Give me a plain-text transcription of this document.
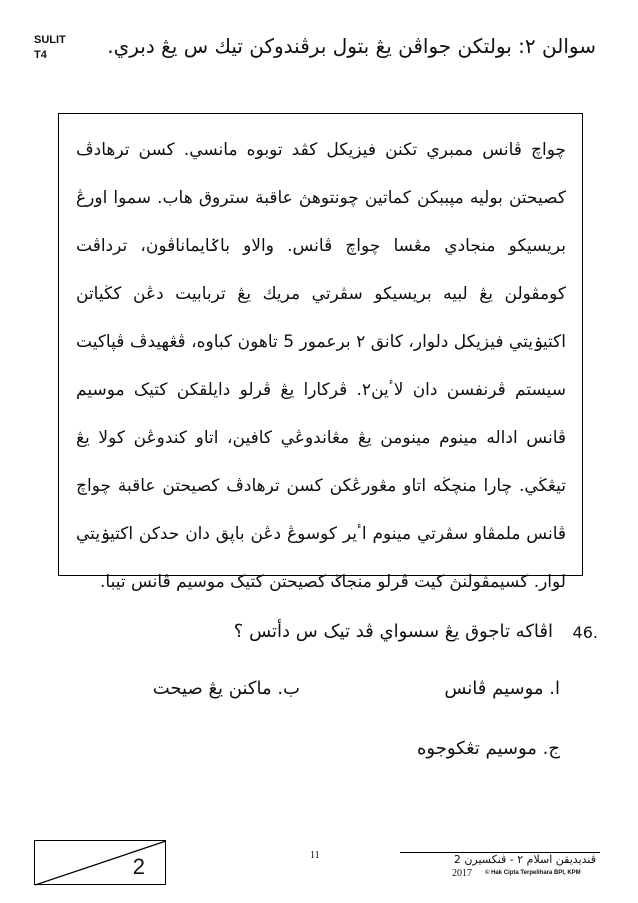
SULIT
T4	سوالن ٢: بولتكن جواڤن يڠ بتول برڤندوكن تيك س يڠ دبري.
چواچ ڤانس ممبري تكنن فيزيكل كڤد توبوه مانسي. كسن ترهادڤ كصيحتن بوليه مپببكن كماتين چونتوهڽ عاقبة ستروق هاب. سموا اورڠ بريسيكو منجادي مڠسا چواچ ڤانس. والاو باݢايماناڤون، ترداڤت كومڤولن يڠ لبيه بريسيكو سڤرتي مريك يڠ تربابيت دڠن كڬياتن اكتيۏيتي فيزيكل دلوار، كانق ٢ برعمور 5 تاهون كباوه، ڤڠهيدڤ ڤپاكيت سيستم ڤرنفسن دان لاٴين٢. ڤركارا يڠ ڤرلو دايلقكن كتيک موسيم ڤانس اداله مينوم مينومن يڠ مڠاندوڠي كافين، اتاو كندوڠن كولا يڠ تيڠڬي. چارا منچڬه اتاو مڠورڠكن كسن ترهادڤ كصيحتن عاقبة چواچ ڤانس ملمڤاو سڤرتي مينوم اٴير كوسوڠ دڠن باپق دان حدكن اكتيۏيتي لوار. كسيمڤولنڽ كيت ڤرلو منجاݢ كصيحتن كتيک موسيم ڤانس تيبا.
46.
اڤاكه تاجوق يڠ سسواي ڤد تيک س دأتس ؟
ا. موسيم ڤانس
ب. ماكنن يڠ صيحت
ج. موسيم تڠكوجوه
11	ڤنديديقن اسلام ٢ - ڤنكسيرن 2
2017 © Hak Cipta Terpelihara BPI, KPM
2
